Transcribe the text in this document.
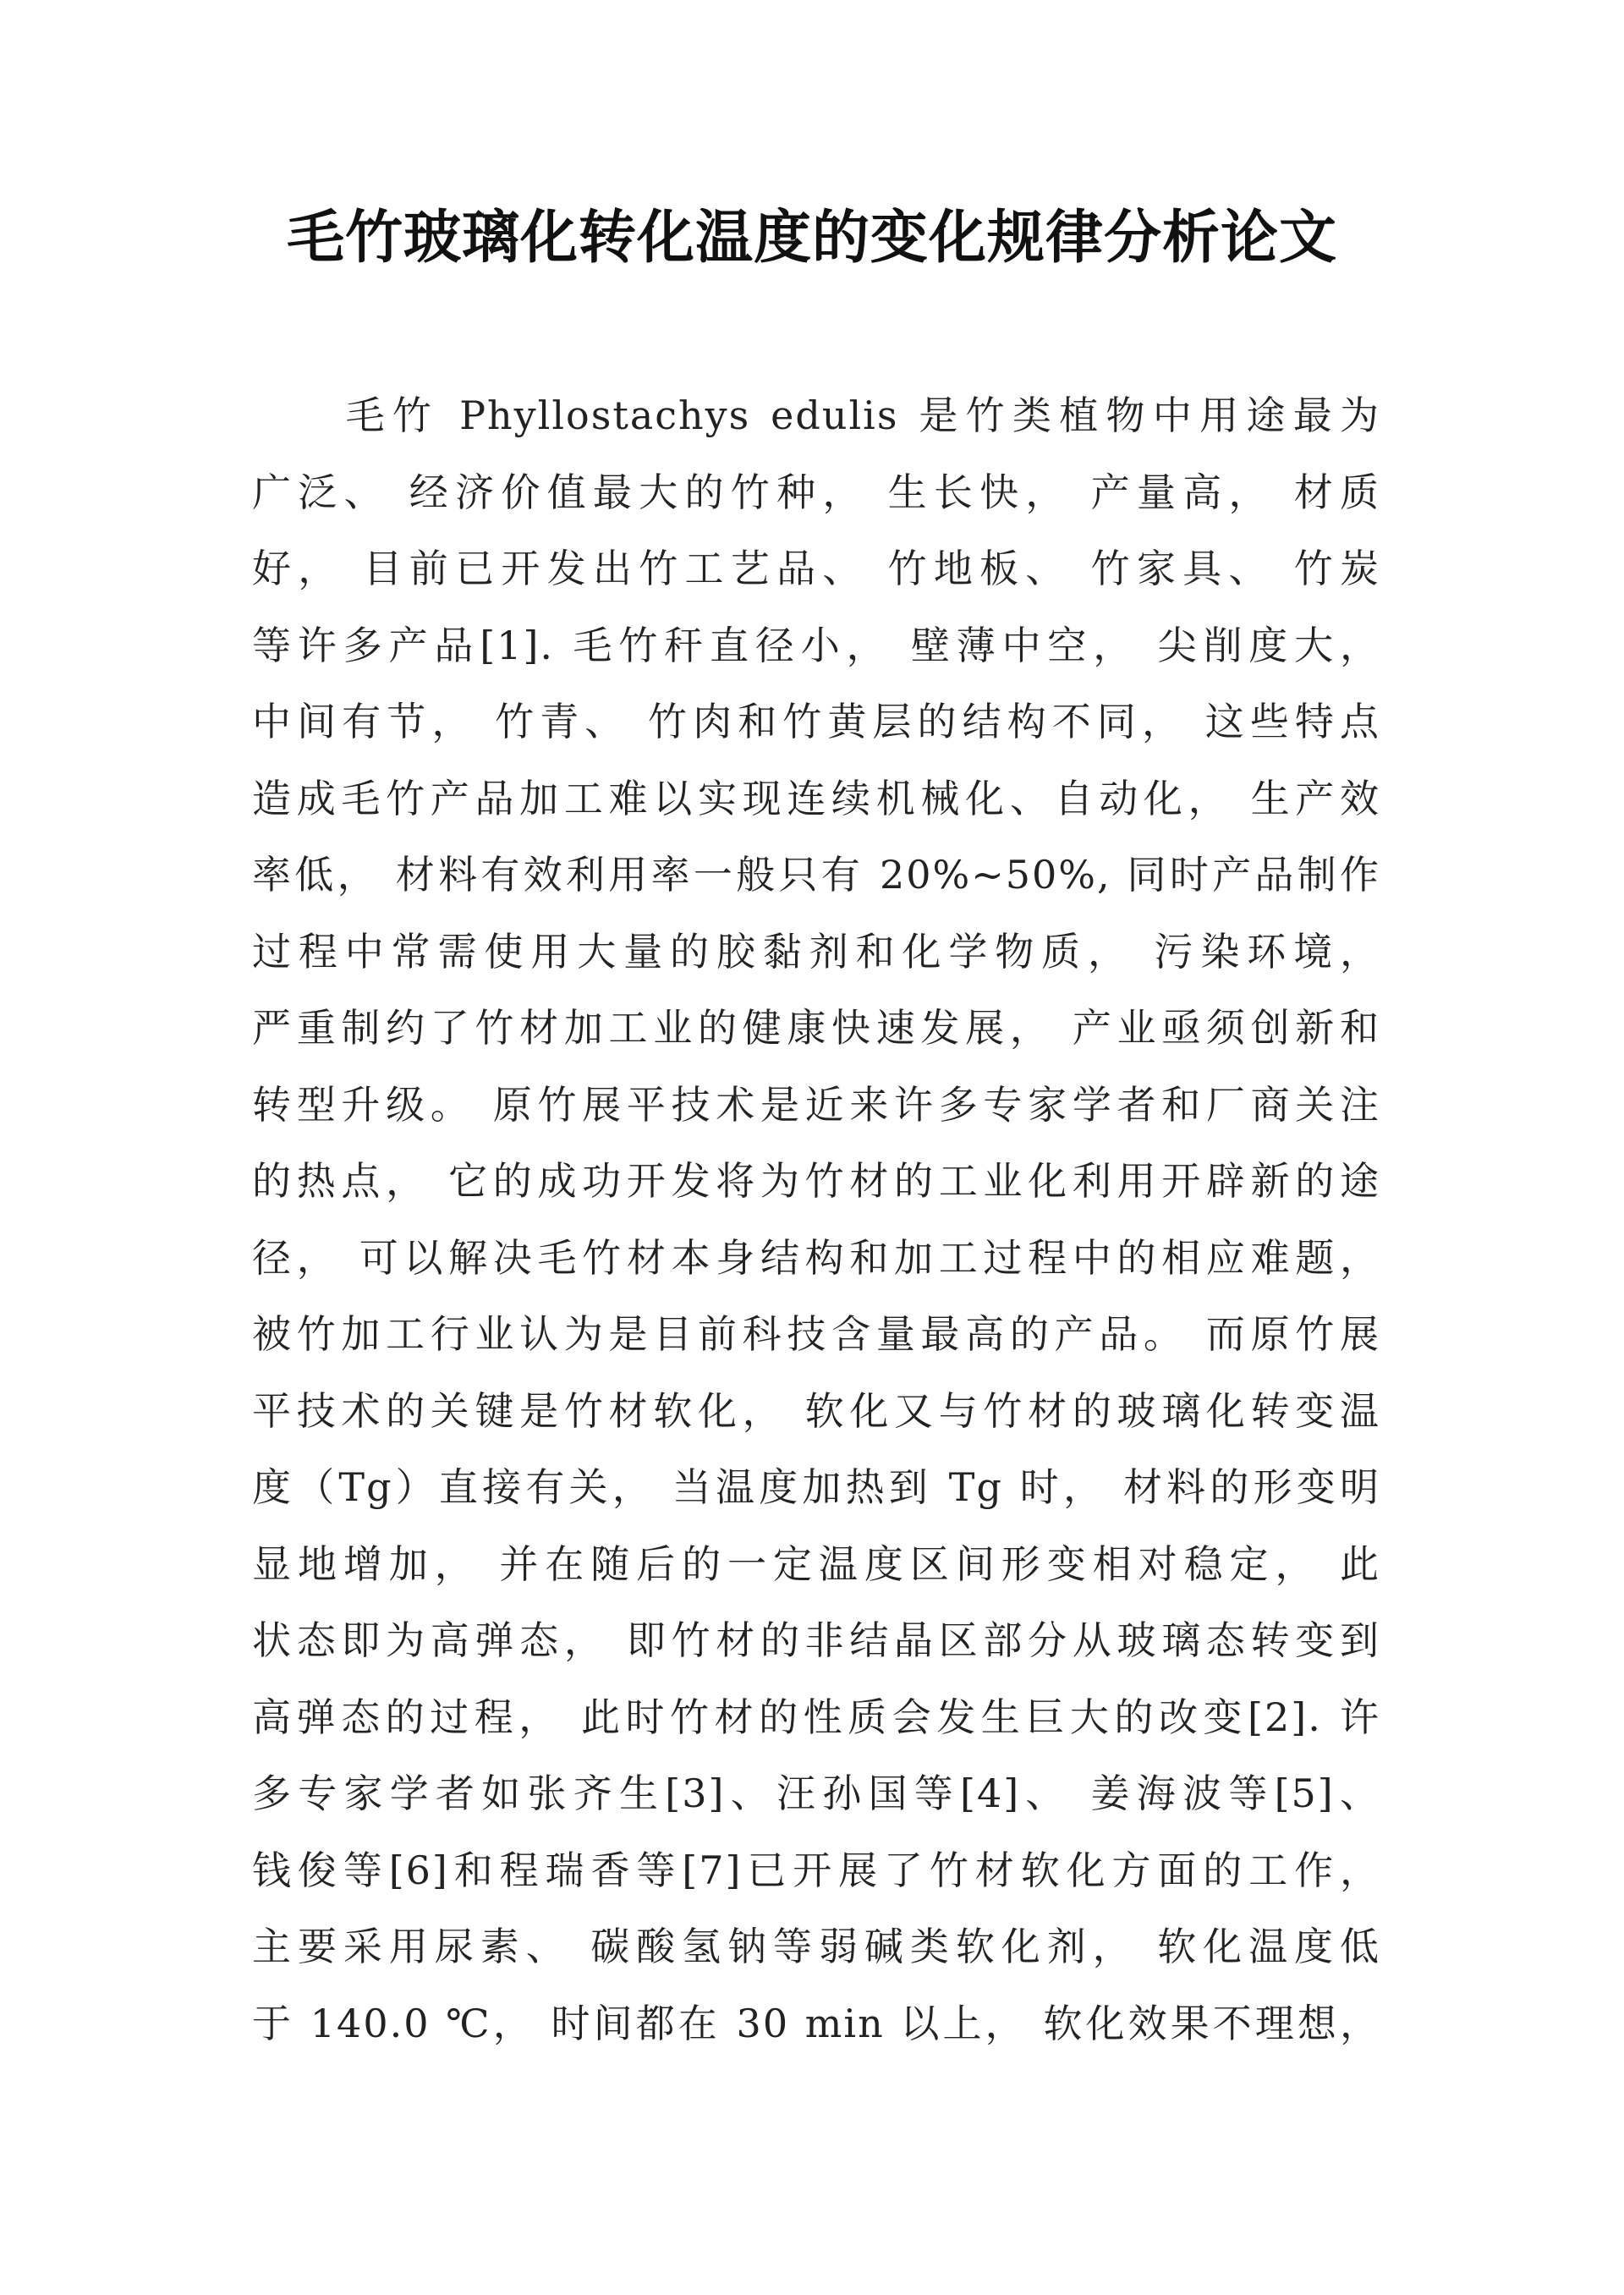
毛竹玻璃化转化温度的变化规律分析论文
　　毛竹 Phyllostachys edulis 是竹类植物中用途最为
广泛、 经济价值最大的竹种， 生长快， 产量高， 材质
好， 目前已开发出竹工艺品、 竹地板、 竹家具、 竹炭
等许多产品[1]. 毛竹秆直径小， 壁薄中空， 尖削度大，
中间有节， 竹青、 竹肉和竹黄层的结构不同， 这些特点
造成毛竹产品加工难以实现连续机械化、自动化， 生产效
率低， 材料有效利用率一般只有 20%~50%, 同时产品制作
过程中常需使用大量的胶黏剂和化学物质， 污染环境，
严重制约了竹材加工业的健康快速发展， 产业亟须创新和
转型升级。 原竹展平技术是近来许多专家学者和厂商关注
的热点， 它的成功开发将为竹材的工业化利用开辟新的途
径， 可以解决毛竹材本身结构和加工过程中的相应难题，
被竹加工行业认为是目前科技含量最高的产品。 而原竹展
平技术的关键是竹材软化， 软化又与竹材的玻璃化转变温
度（Tg）直接有关， 当温度加热到 Tg 时， 材料的形变明
显地增加， 并在随后的一定温度区间形变相对稳定， 此
状态即为高弹态， 即竹材的非结晶区部分从玻璃态转变到
高弹态的过程， 此时竹材的性质会发生巨大的改变[2]. 许
多专家学者如张齐生[3]、汪孙国等[4]、 姜海波等[5]、
钱俊等[6]和程瑞香等[7]已开展了竹材软化方面的工作，
主要采用尿素、 碳酸氢钠等弱碱类软化剂， 软化温度低
于 140.0 ℃， 时间都在 30 min 以上， 软化效果不理想，
